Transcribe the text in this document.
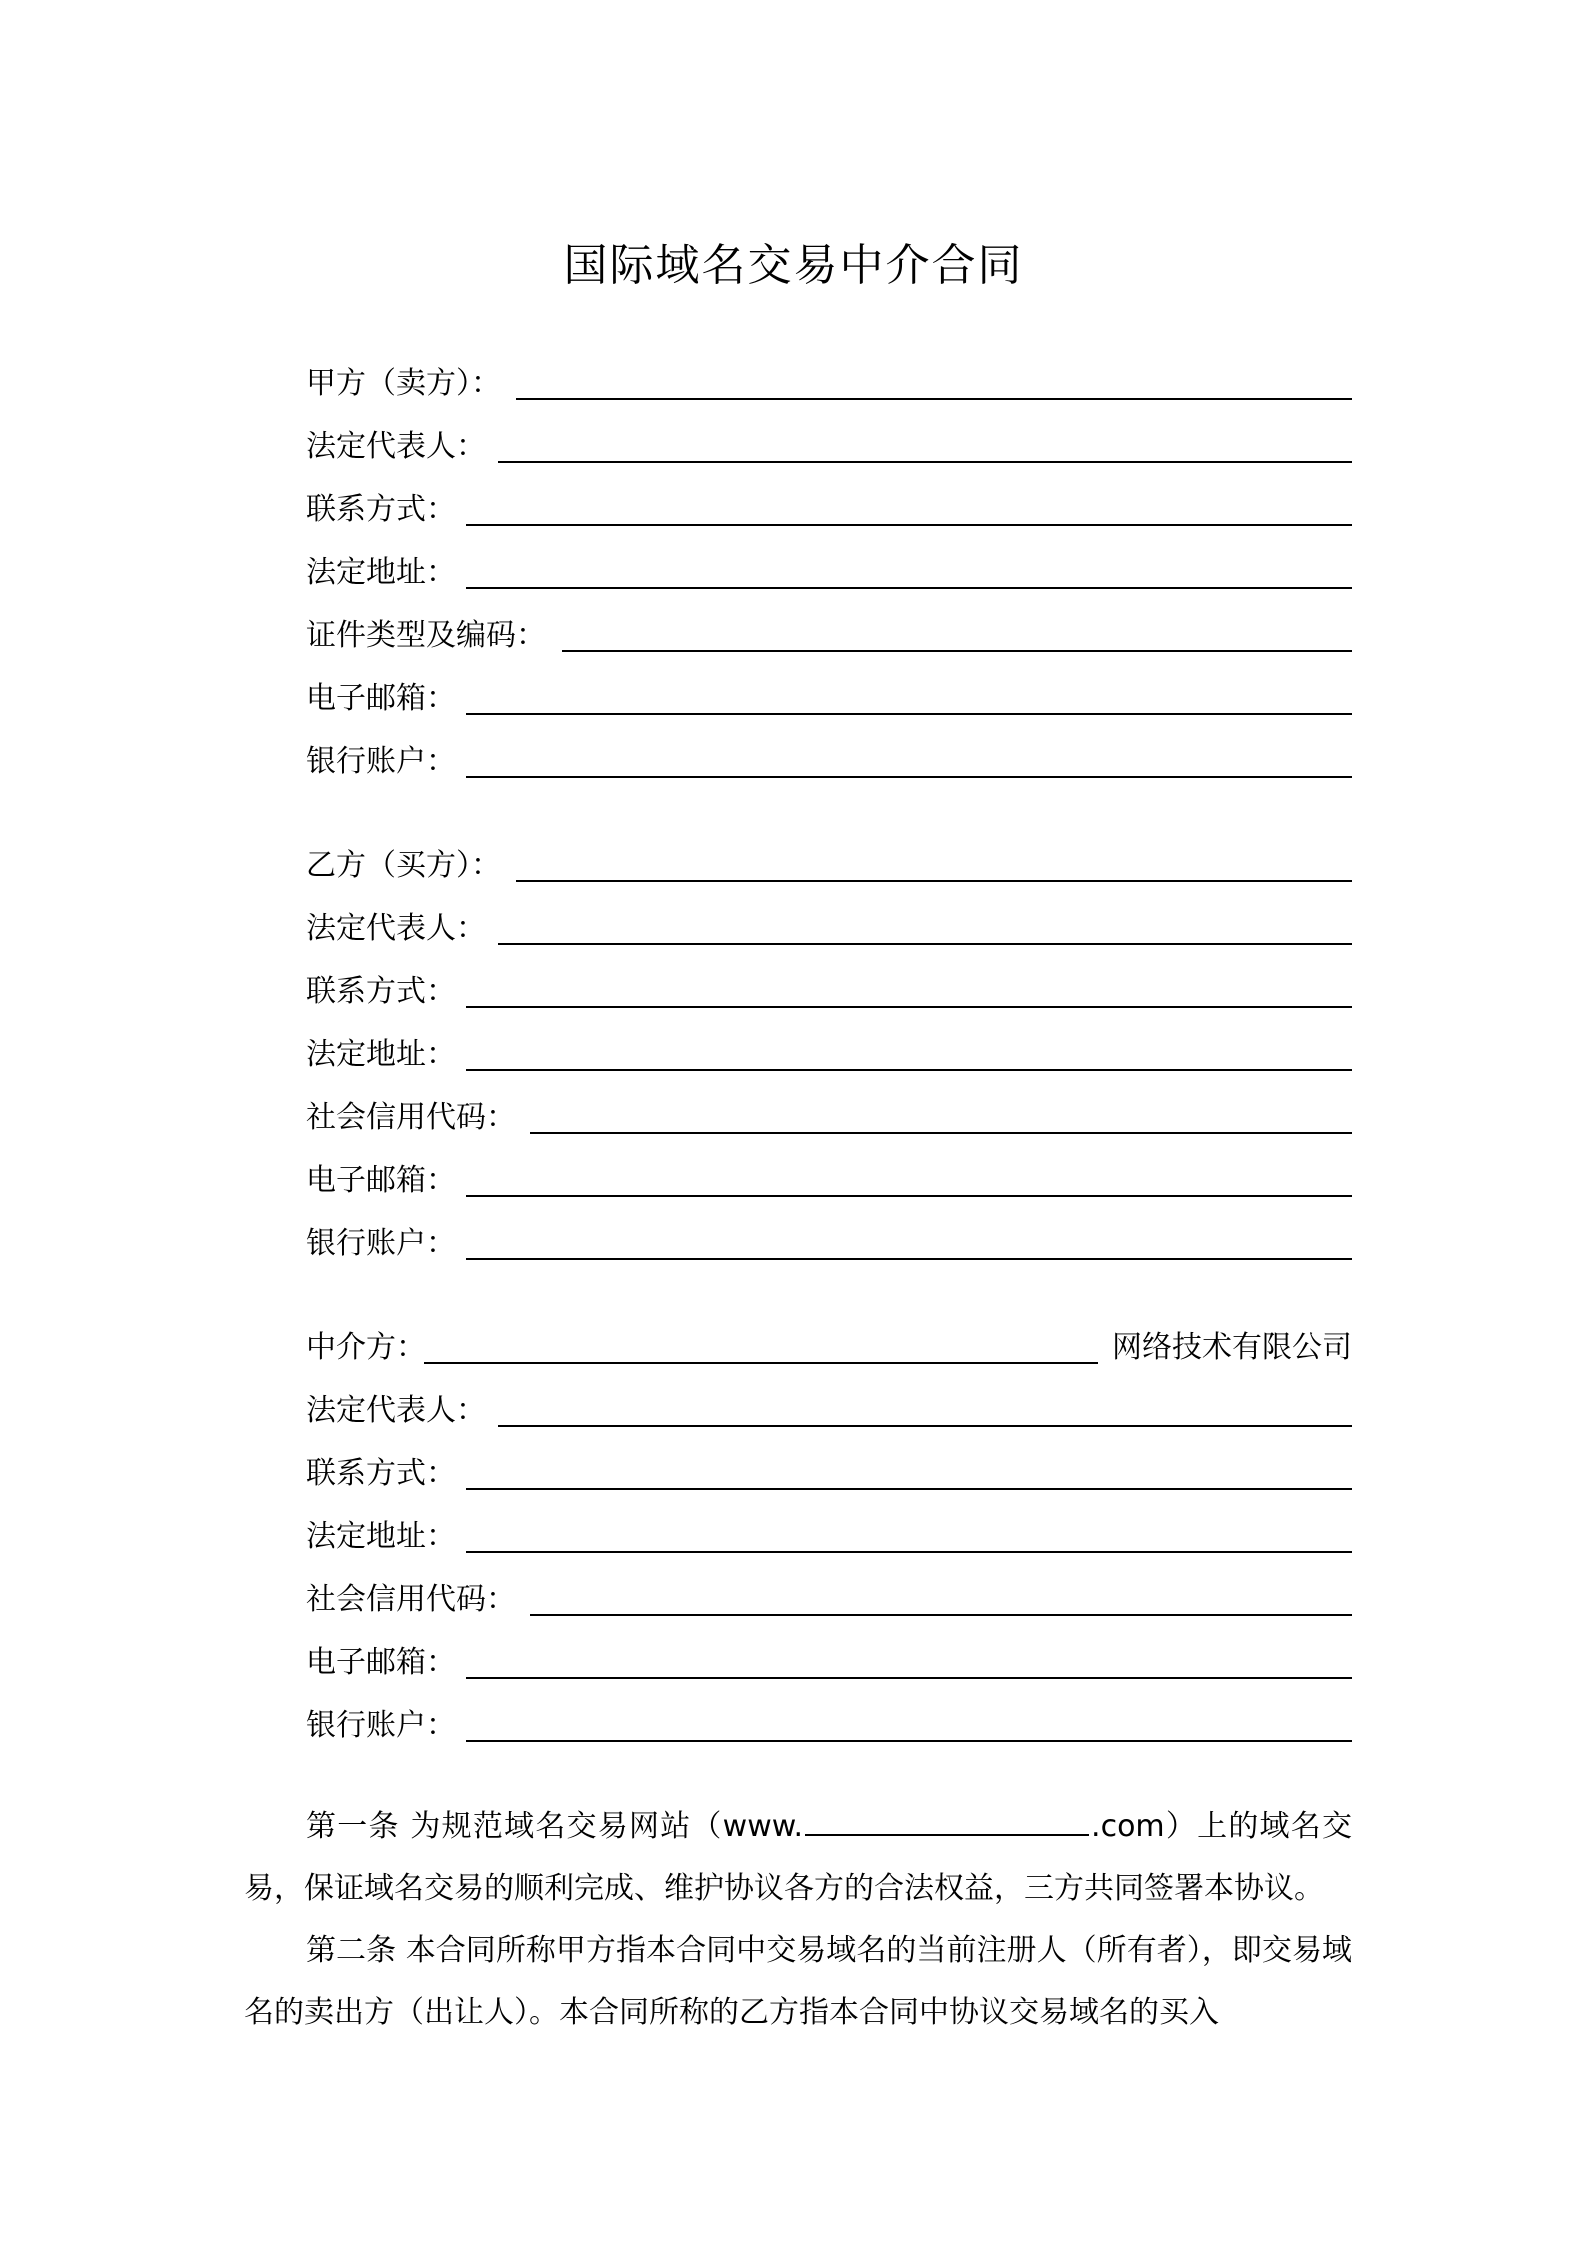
国际域名交易中介合同
甲方（卖方）：
法定代表人：
联系方式：
法定地址：
证件类型及编码：
电子邮箱：
银行账户：
乙方（买方）：
法定代表人：
联系方式：
法定地址：
社会信用代码：
电子邮箱：
银行账户：
中介方：	网络技术有限公司
法定代表人：
联系方式：
法定地址：
社会信用代码：
电子邮箱：
银行账户：
第一条 为规范域名交易网站（www.	.com）上的域名交易，保证域名交易的顺利完成、维护协议各方的合法权益，三方共同签署本协议。
第二条 本合同所称甲方指本合同中交易域名的当前注册人（所有者），即交易域名的卖出方（出让人）。本合同所称的乙方指本合同中协议交易域名的买入
